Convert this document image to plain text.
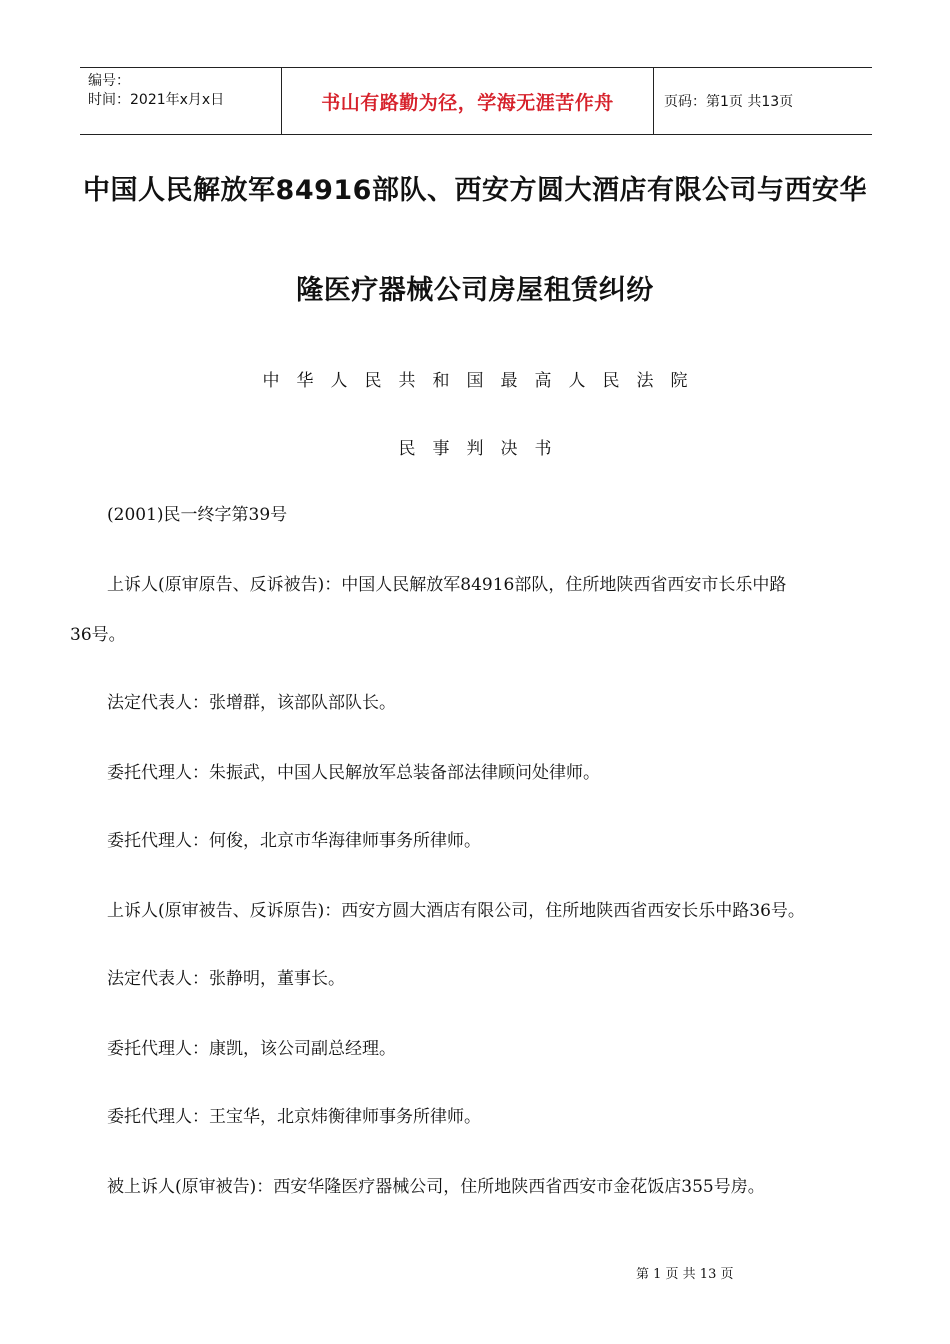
编号：
时间：2021年x月x日	书山有路勤为径，学海无涯苦作舟	页码：第1页 共13页
中国人民解放军84916部队、西安方圆大酒店有限公司与西安华
隆医疗器械公司房屋租赁纠纷
中　华　人　民　共　和　国　最　高　人　民　法　院
民　事　判　决　书
(2001)民一终字第39号
上诉人(原审原告、反诉被告)：中国人民解放军84916部队，住所地陕西省西安市长乐中路
36号。
法定代表人：张增群，该部队部队长。
委托代理人：朱振武，中国人民解放军总装备部法律顾问处律师。
委托代理人：何俊，北京市华海律师事务所律师。
上诉人(原审被告、反诉原告)：西安方圆大酒店有限公司，住所地陕西省西安长乐中路36号。
法定代表人：张静明，董事长。
委托代理人：康凯，该公司副总经理。
委托代理人：王宝华，北京炜衡律师事务所律师。
被上诉人(原审被告)：西安华隆医疗器械公司，住所地陕西省西安市金花饭店355号房。
第 1 页 共 13 页
